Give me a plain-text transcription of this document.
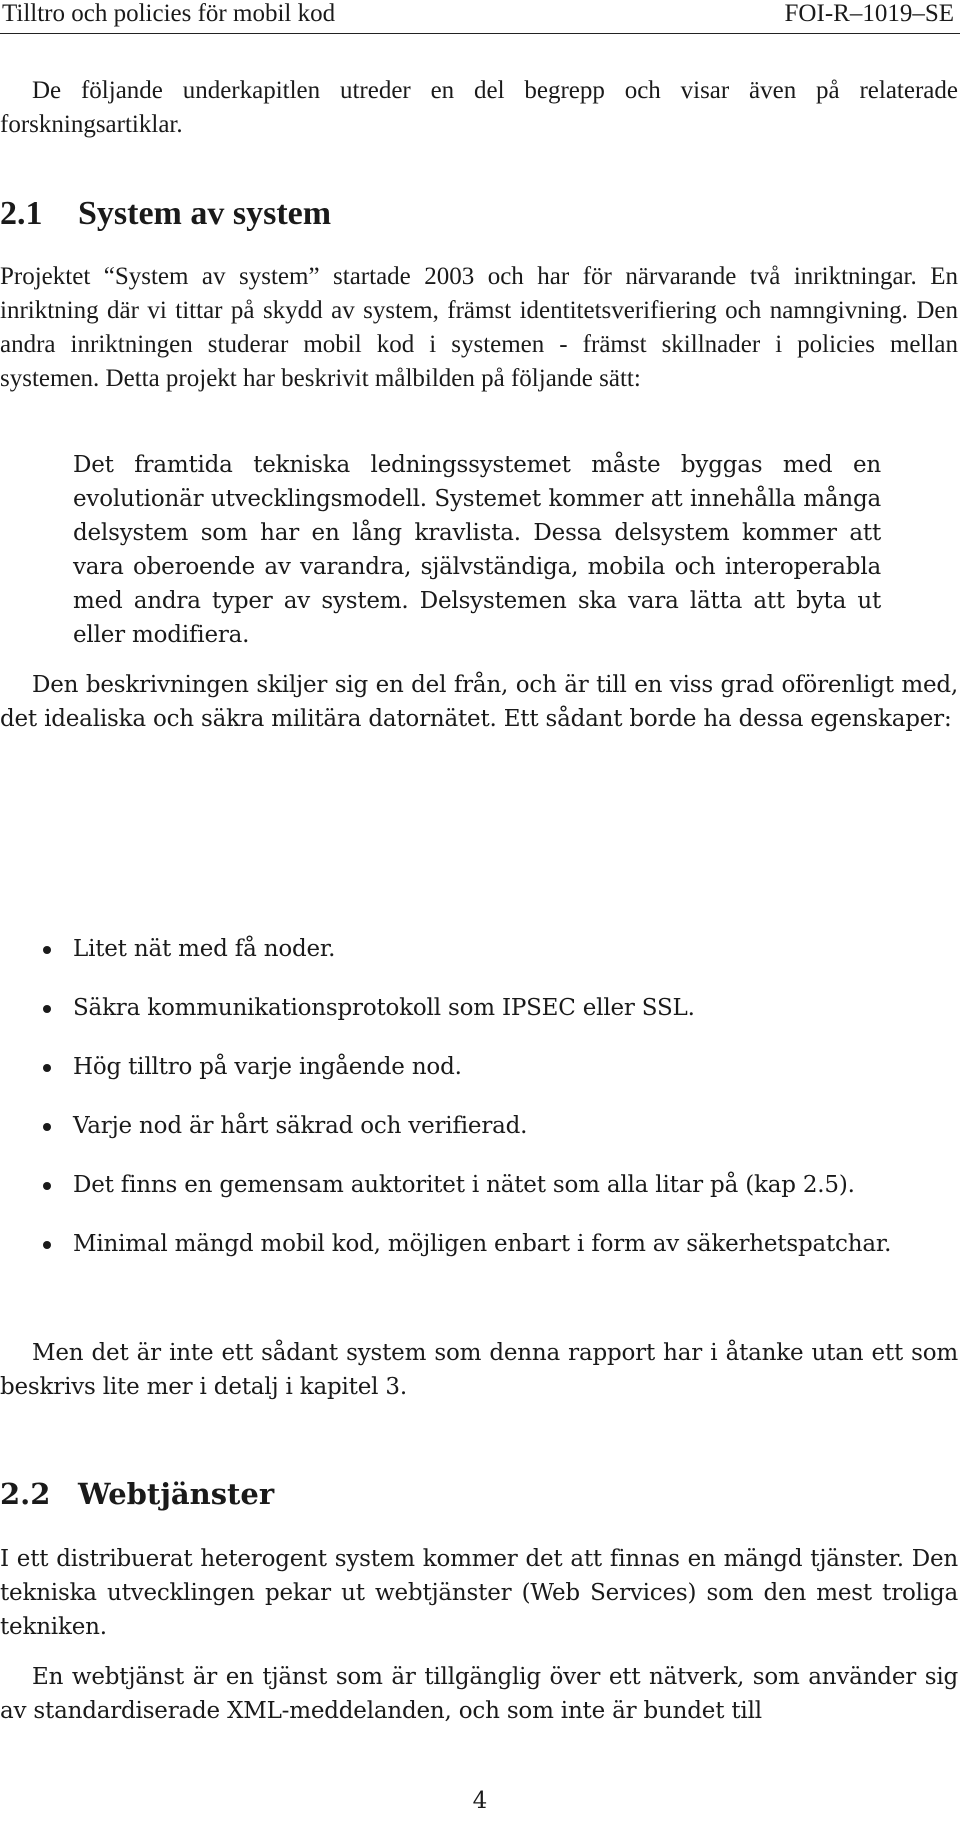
Tilltro och policies för mobil kod	FOI-R–1019–SE

De följande underkapitlen utreder en del begrepp och visar även på relaterade forskningsartiklar.

2.1 System av system

Projektet “System av system” startade 2003 och har för närvarande två inriktningar. En inriktning där vi tittar på skydd av system, främst identitetsverifiering och namngivning. Den andra inriktningen studerar mobil kod i systemen - främst skillnader i policies mellan systemen. Detta projekt har beskrivit målbilden på följande sätt:

Det framtida tekniska ledningssystemet måste byggas med en evolutionär utvecklingsmodell. Systemet kommer att innehålla många delsystem som har en lång kravlista. Dessa delsystem kommer att vara oberoende av varandra, självständiga, mobila och interoperabla med andra typer av system. Delsystemen ska vara lätta att byta ut eller modifiera.

Den beskrivningen skiljer sig en del från, och är till en viss grad oförenligt med, det idealiska och säkra militära datornätet. Ett sådant borde ha dessa egenskaper:

Litet nät med få noder.
Säkra kommunikationsprotokoll som IPSEC eller SSL.
Hög tilltro på varje ingående nod.
Varje nod är hårt säkrad och verifierad.
Det finns en gemensam auktoritet i nätet som alla litar på (kap 2.5).
Minimal mängd mobil kod, möjligen enbart i form av säkerhetspatchar.

Men det är inte ett sådant system som denna rapport har i åtanke utan ett som beskrivs lite mer i detalj i kapitel 3.

2.2 Webtjänster

I ett distribuerat heterogent system kommer det att finnas en mängd tjänster. Den tekniska utvecklingen pekar ut webtjänster (Web Services) som den mest troliga tekniken.

En webtjänst är en tjänst som är tillgänglig över ett nätverk, som använder sig av standardiserade XML-meddelanden, och som inte är bundet till

4
